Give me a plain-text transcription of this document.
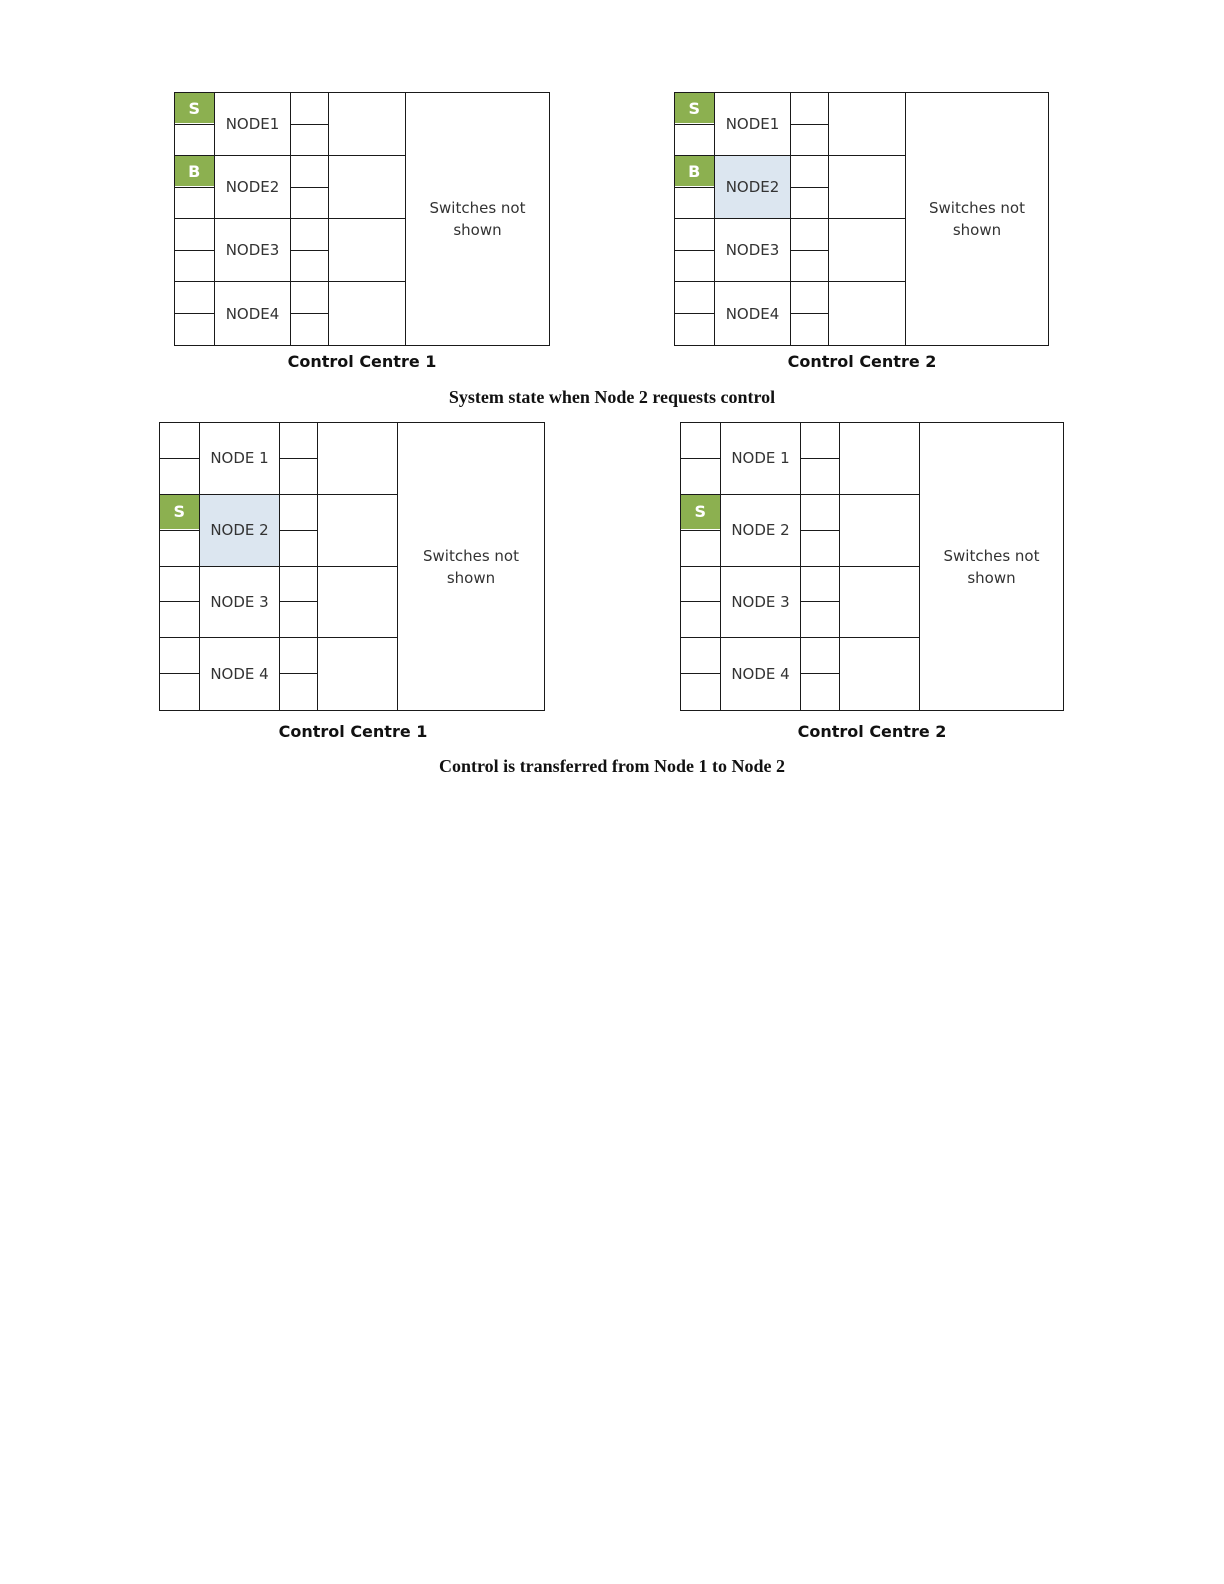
S
NODE 1
B
NODE 2
NODE 3
NODE 4
Switches not shown
S
NODE 1
B
NODE 2
NODE 3
NODE 4
Switches not shown
Control Centre 1	Control Centre 2
System state when Node 2 requests control
NODE 1
S
NODE 2
NODE 3
NODE 4
Switches not shown
NODE 1
S
NODE 2
NODE 3
NODE 4
Switches not shown
Control Centre 1	Control Centre 2
Control is transferred from Node 1 to Node 2
